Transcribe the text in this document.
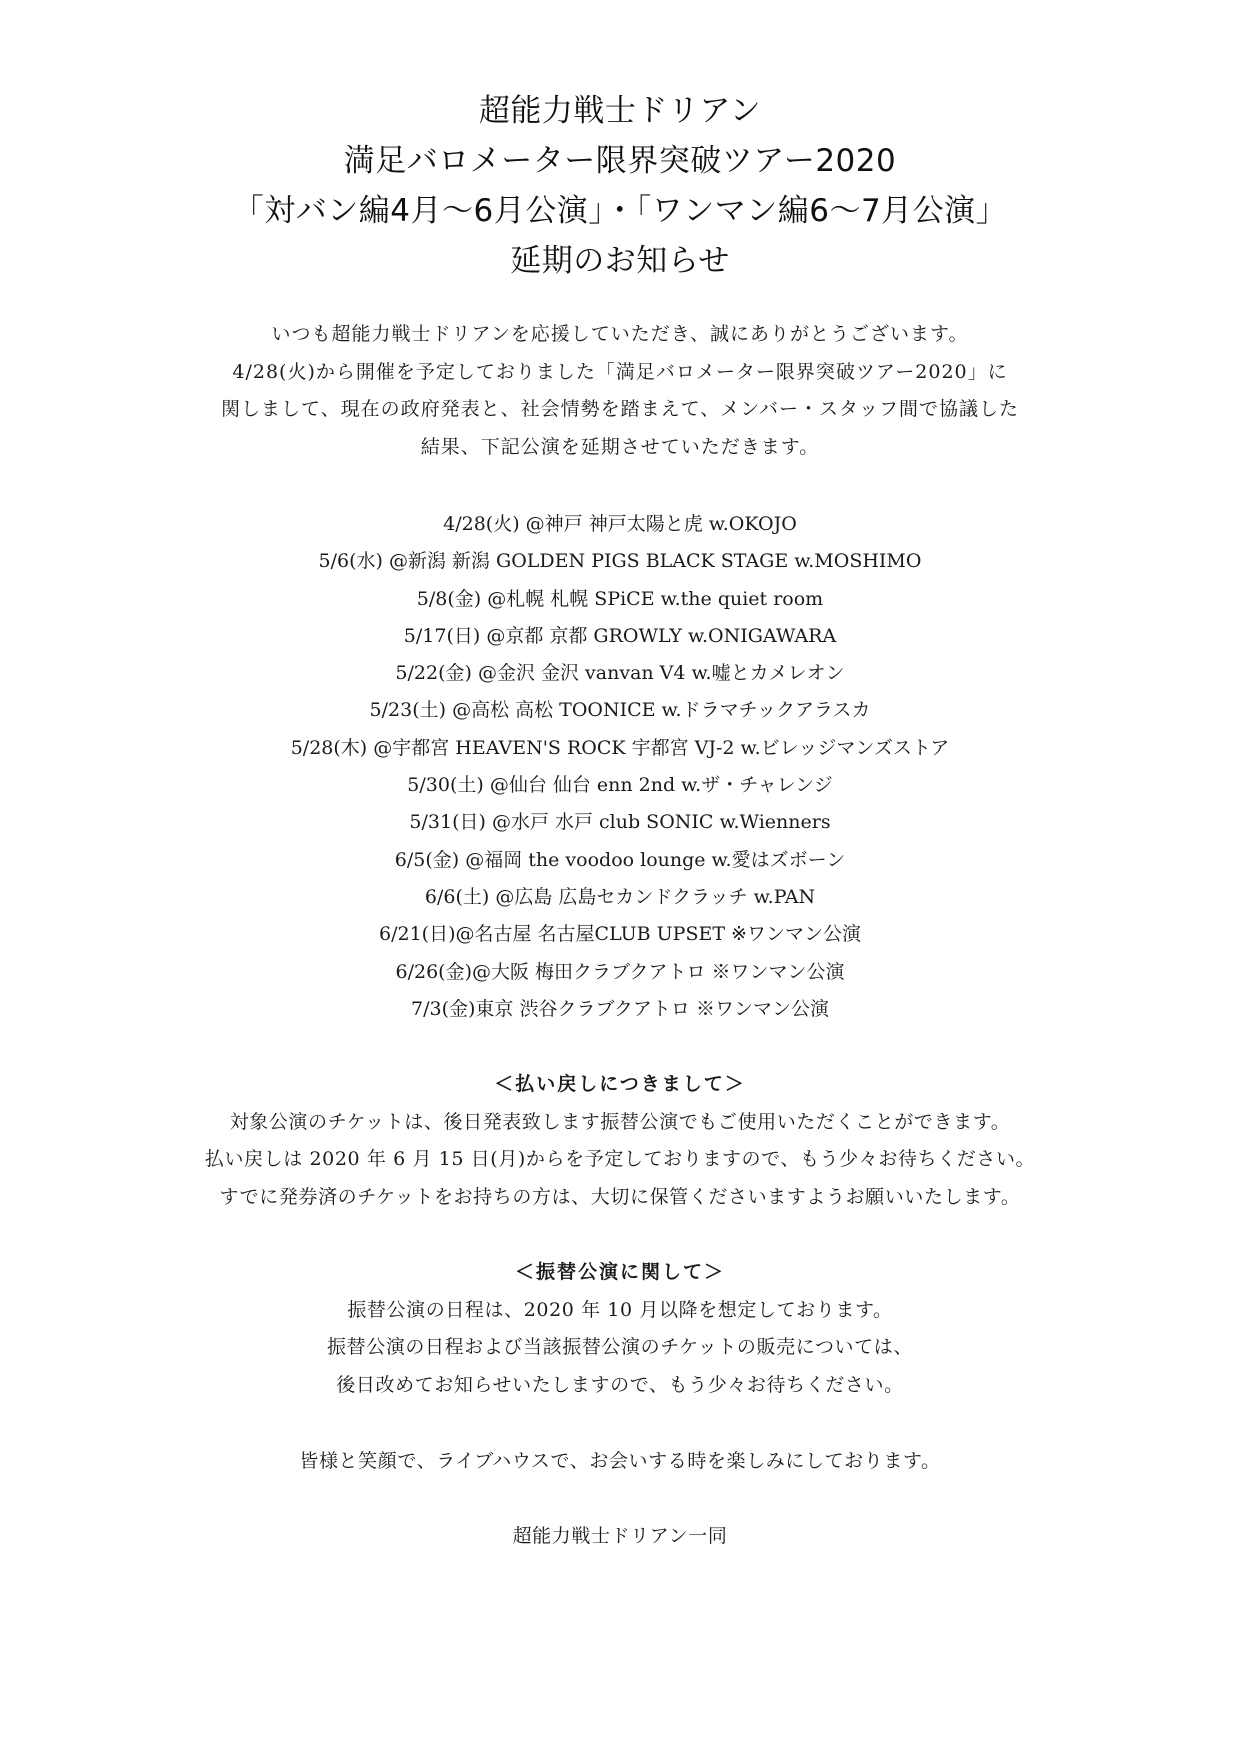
超能力戦士ドリアン
満足バロメーター限界突破ツアー2020
「対バン編4月〜6月公演」・「ワンマン編6〜7月公演」
延期のお知らせ
いつも超能力戦士ドリアンを応援していただき、誠にありがとうございます。
4/28(火)から開催を予定しておりました「満足バロメーター限界突破ツアー2020」に
関しまして、現在の政府発表と、社会情勢を踏まえて、メンバー・スタッフ間で協議した
結果、下記公演を延期させていただきます。
4/28(火) @神戸 神戸太陽と虎 w.OKOJO
5/6(水) @新潟 新潟 GOLDEN PIGS BLACK STAGE w.MOSHIMO
5/8(金) @札幌 札幌 SPiCE w.the quiet room
5/17(日) @京都 京都 GROWLY w.ONIGAWARA
5/22(金) @金沢 金沢 vanvan V4 w.嘘とカメレオン
5/23(土) @高松 高松 TOONICE w.ドラマチックアラスカ
5/28(木) @宇都宮 HEAVEN'S ROCK 宇都宮 VJ-2 w.ビレッジマンズストア
5/30(土) @仙台 仙台 enn 2nd w.ザ・チャレンジ
5/31(日) @水戸 水戸 club SONIC w.Wienners
6/5(金) @福岡 the voodoo lounge w.愛はズボーン
6/6(土) @広島 広島セカンドクラッチ w.PAN
6/21(日)@名古屋 名古屋CLUB UPSET ※ワンマン公演
6/26(金)@大阪 梅田クラブクアトロ ※ワンマン公演
7/3(金)東京 渋谷クラブクアトロ ※ワンマン公演
＜払い戻しにつきまして＞
対象公演のチケットは、後日発表致します振替公演でもご使用いただくことができます。
払い戻しは 2020 年 6 月 15 日(月)からを予定しておりますので、もう少々お待ちください。
すでに発券済のチケットをお持ちの方は、大切に保管くださいますようお願いいたします。
＜振替公演に関して＞
振替公演の日程は、2020 年 10 月以降を想定しております。
振替公演の日程および当該振替公演のチケットの販売については、
後日改めてお知らせいたしますので、もう少々お待ちください。
皆様と笑顔で、ライブハウスで、お会いする時を楽しみにしております。
超能力戦士ドリアン一同
